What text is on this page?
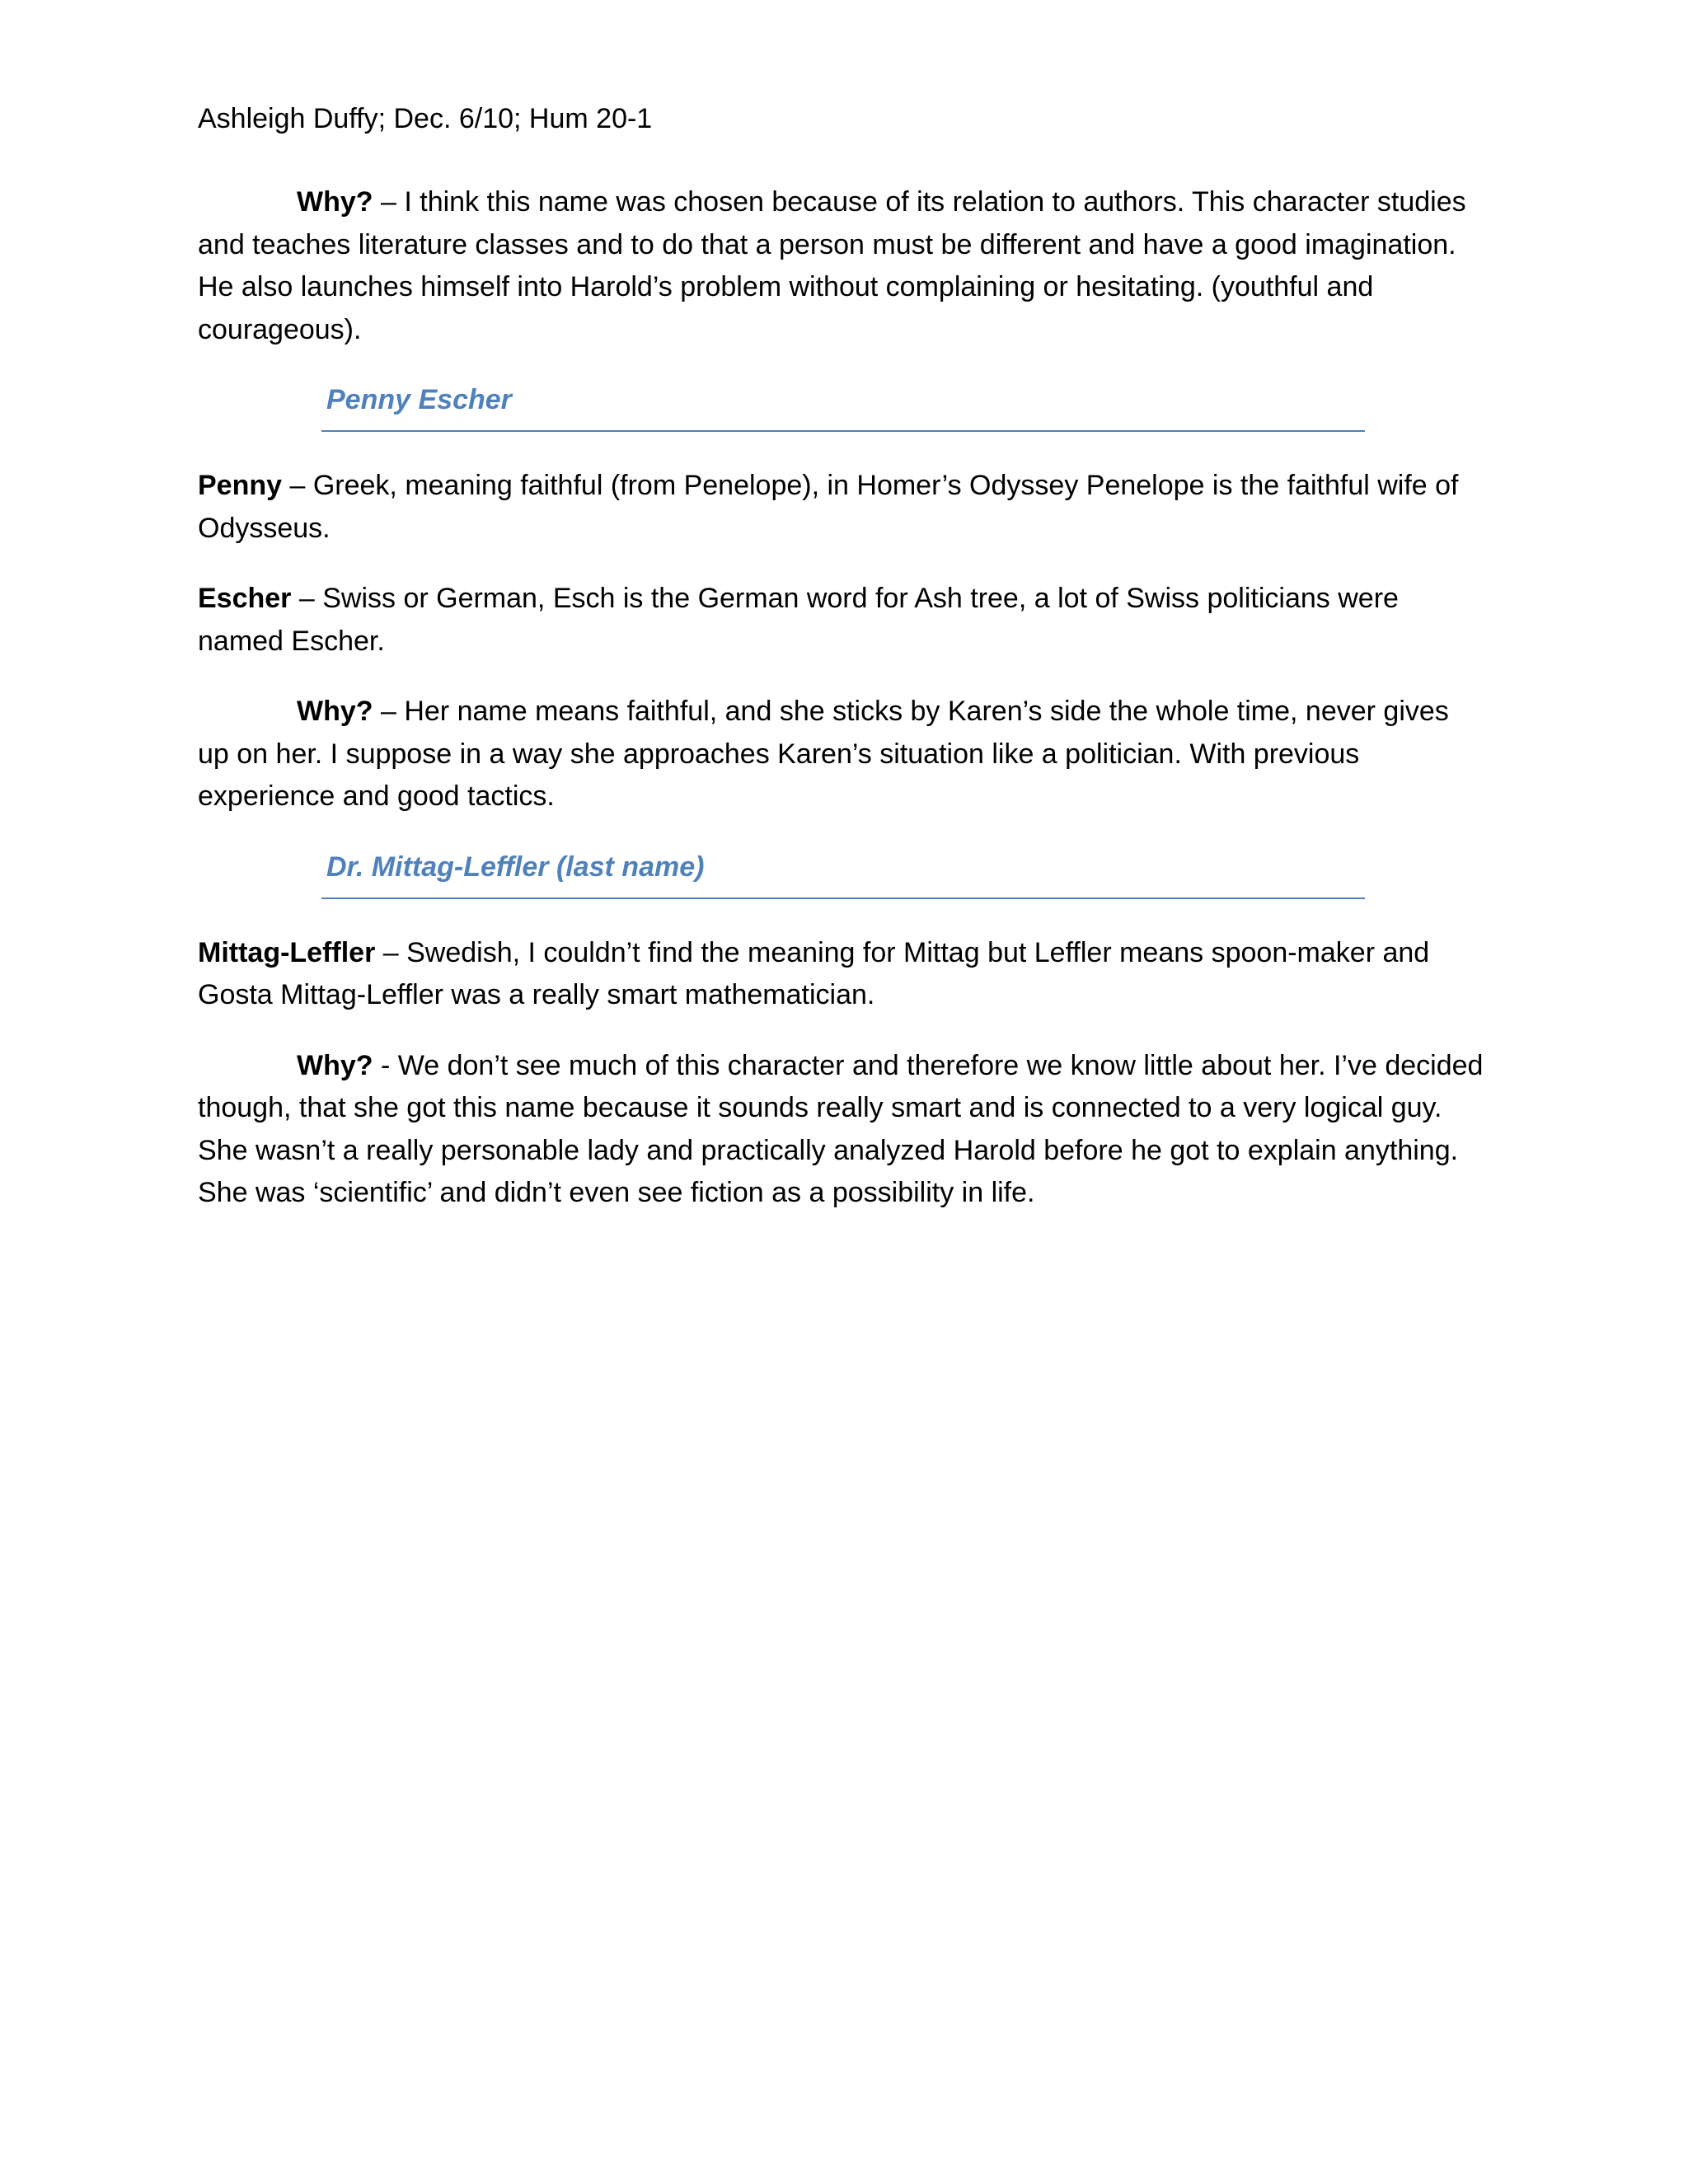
Ashleigh Duffy; Dec. 6/10; Hum 20-1

Why? – I think this name was chosen because of its relation to authors. This character studies and teaches literature classes and to do that a person must be different and have a good imagination. He also launches himself into Harold’s problem without complaining or hesitating. (youthful and courageous).

Penny Escher

Penny – Greek, meaning faithful (from Penelope), in Homer’s Odyssey Penelope is the faithful wife of Odysseus.

Escher – Swiss or German, Esch is the German word for Ash tree, a lot of Swiss politicians were named Escher.

Why? – Her name means faithful, and she sticks by Karen’s side the whole time, never gives up on her. I suppose in a way she approaches Karen’s situation like a politician. With previous experience and good tactics.

Dr. Mittag-Leffler (last name)

Mittag-Leffler – Swedish, I couldn’t find the meaning for Mittag but Leffler means spoon-maker and Gosta Mittag-Leffler was a really smart mathematician.

Why? - We don’t see much of this character and therefore we know little about her. I’ve decided though, that she got this name because it sounds really smart and is connected to a very logical guy. She wasn’t a really personable lady and practically analyzed Harold before he got to explain anything. She was ‘scientific’ and didn’t even see fiction as a possibility in life.
